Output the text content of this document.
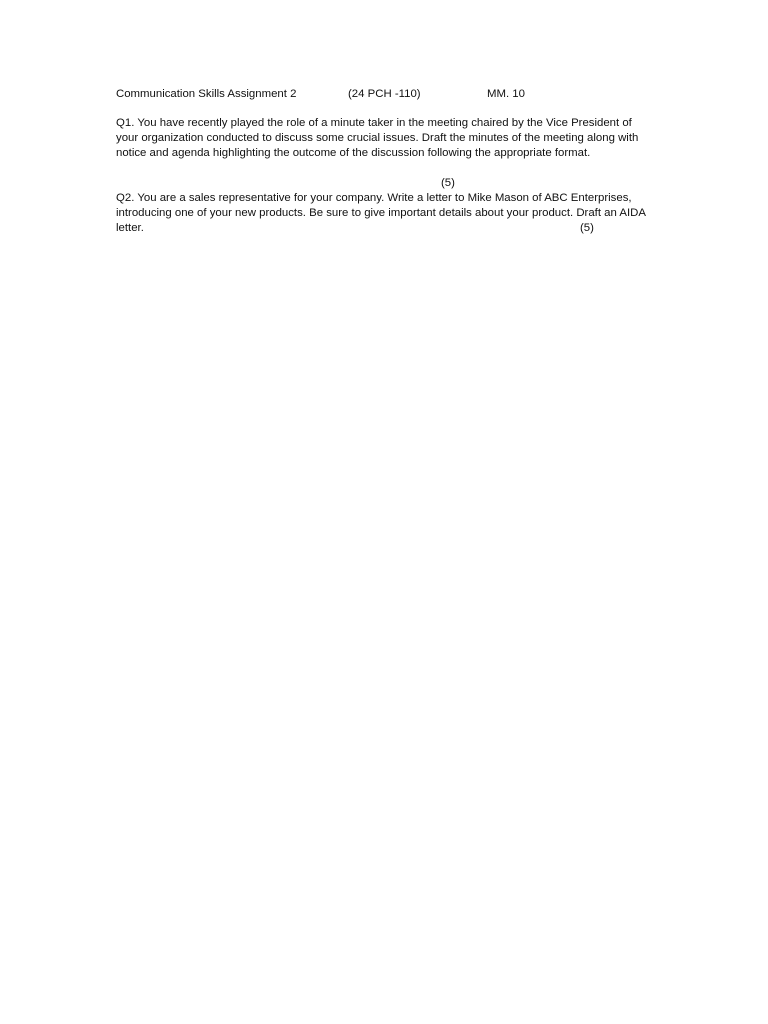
Communication Skills Assignment 2	(24 PCH -110)	MM. 10

Q1. You have recently played the role of a minute taker in the meeting chaired by the Vice President of your organization conducted to discuss some crucial issues. Draft the minutes of the meeting along with notice and agenda highlighting the outcome of the discussion following the appropriate format.

(5)

Q2. You are a sales representative for your company. Write a letter to Mike Mason of ABC Enterprises, introducing one of your new products. Be sure to give important details about your product. Draft an AIDA letter.	(5)
